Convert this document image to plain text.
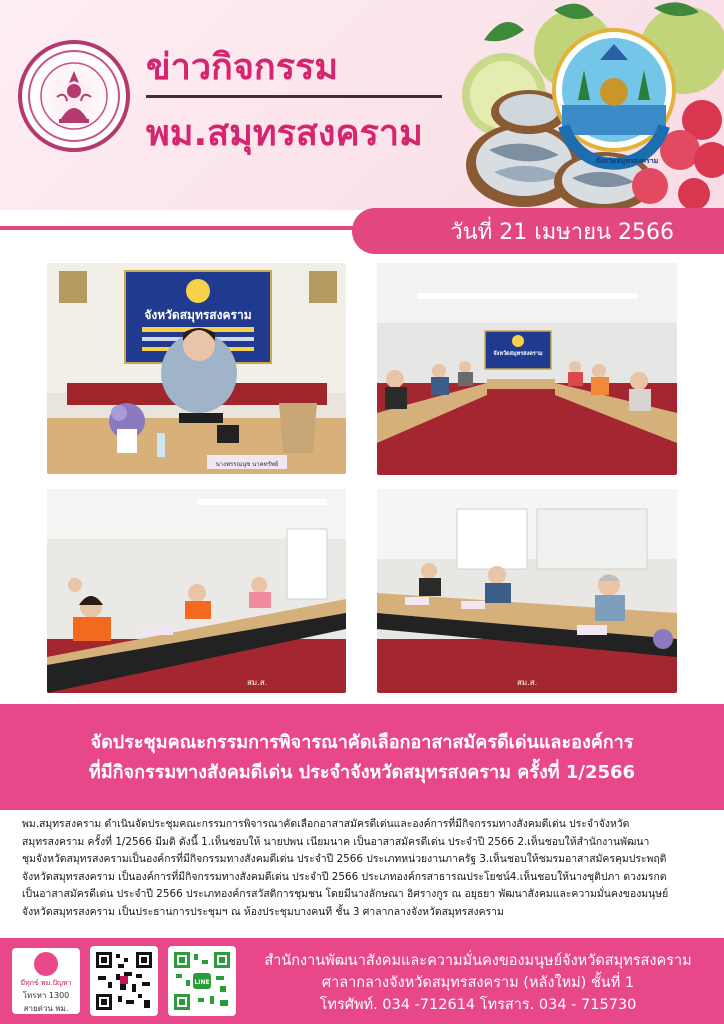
ข่าวกิจกรรม
พม.สมุทรสงคราม
จังหวัดสมุทรสงคราม
วันที่ 21 เมษายน 2566
จังหวัดสมุทรสงคราม
นางพรรณนุช นาคทรัพย์
จังหวัดสมุทรสงคราม
สม.ส.	สม.ส.
จัดประชุมคณะกรรมการพิจารณาคัดเลือกอาสาสมัครดีเด่นและองค์การ
ที่มีกิจกรรมทางสังคมดีเด่น ประจำจังหวัดสมุทรสงคราม ครั้งที่ 1/2566
พม.สมุทรสงคราม ดำเนินจัดประชุมคณะกรรมการพิจารณาคัดเลือกอาสาสมัครดีเด่นและองค์การที่มีกิจกรรมทางสังคมดีเด่น ประจำจังหวัด
สมุทรสงคราม ครั้งที่ 1/2566 มีมติ ดังนี้ 1.เห็นชอบให้ นายปพน เนียมนาค เป็นอาสาสมัครดีเด่น ประจำปี 2566 2.เห็นชอบให้สำนักงานพัฒนา
ชุมจังหวัดสมุทรสงครามเป็นองค์กรที่มีกิจกรรมทางสังคมดีเด่น ประจำปี 2566 ประเภทหน่วยงานภาครัฐ 3.เห็นชอบให้ชมรมอาสาสมัครคุมประพฤติ
จังหวัดสมุทรสงคราม เป็นองค์การที่มีกิจกรรมทางสังคมดีเด่น ประจำปี 2566 ประเภทองค์กรสาธารณประโยชน์4.เห็นชอบให้นางชุติปภา ดวงมรกต
เป็นอาสาสมัครดีเด่น ประจำปี 2566 ประเภทองค์กรสวัสดิการชุมชน โดยมีนางลักษณา อิศรางกูร ณ อยุธยา พัฒนาสังคมและความมั่นคงของมนุษย์
จังหวัดสมุทรสงคราม เป็นประธานการประชุมฯ ณ ห้องประชุมบางคนที ชั้น 3 ศาลากลางจังหวัดสมุทรสงคราม
มีทุกข์ พม.ปัญหา
โทรหา 1300
สายด่วน พม.
LINE
สำนักงานพัฒนาสังคมและความมั่นคงของมนุษย์จังหวัดสมุทรสงคราม
ศาลากลางจังหวัดสมุทรสงคราม (หลังใหม่) ชั้นที่ 1
โทรศัพท์. 034 -712614 โทรสาร. 034 - 715730
